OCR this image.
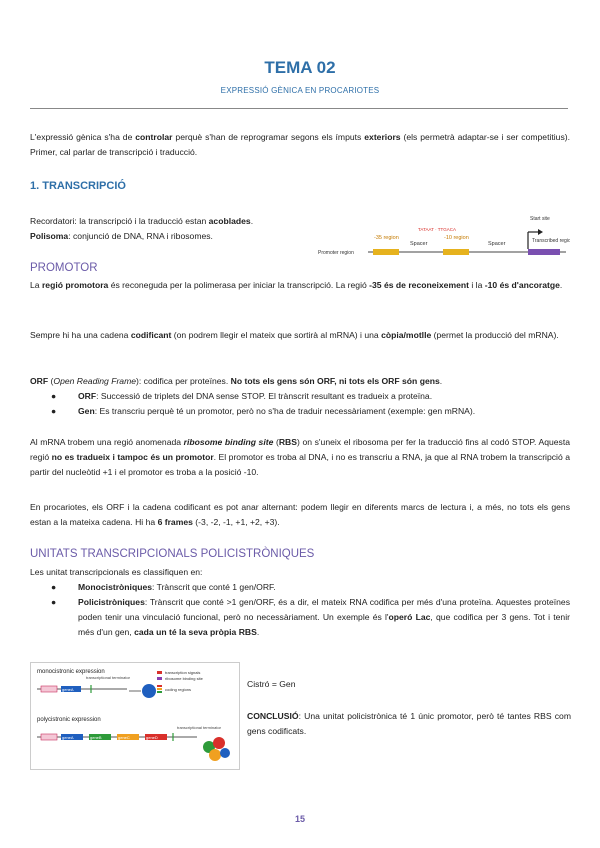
TEMA 02
EXPRESSIÓ GÈNICA EN PROCARIOTES

L'expressió gènica s'ha de controlar perquè s'han de reprogramar segons els ímputs exteriors (els permetrà adaptar-se i ser competitius). Primer, cal parlar de transcripció i traducció.

1. TRANSCRIPCIÓ

Recordatori: la transcripció i la traducció estan acoblades.
Polisoma: conjunció de DNA, RNA i ribosomes.

Start site
-35 region
Spacer
-10 region
Spacer	Transcribed region
Promoter region
TATAAT · TTGACA
PROMOTOR

La regió promotora és reconeguda per la polimerasa per iniciar la transcripció. La regió -35 és de reconeixement i la -10 és d'ancoratge.

Sempre hi ha una cadena codificant (on podrem llegir el mateix que sortirà al mRNA) i una còpia/motlle (permet la producció del mRNA).

ORF (Open Reading Frame): codifica per proteïnes. No tots els gens són ORF, ni tots els ORF són gens.

●	ORF: Successió de triplets del DNA sense STOP. El trànscrit resultant es tradueix a proteïna.
●	Gen: Es transcriu perquè té un promotor, però no s'ha de traduir necessàriament (exemple: gen mRNA).

Al mRNA trobem una regió anomenada ribosome binding site (RBS) on s'uneix el ribosoma per fer la traducció fins al codó STOP. Aquesta regió no es tradueix i tampoc és un promotor. El promotor es troba al DNA, i no es transcriu a RNA, ja que al RNA trobem la transcripció a partir del nucleòtid +1 i el promotor es troba a la posició -10.

En procariotes, els ORF i la cadena codificant es pot anar alternant: podem llegir en diferents marcs de lectura i, a més, no tots els gens estan a la mateixa cadena. Hi ha 6 frames (-3, -2, -1, +1, +2, +3).

UNITATS TRANSCRIPCIONALS POLICISTRÒNIQUES

Les unitat transcripcionals es classifiquen en:

●	Monocistròniques: Trànscrit que conté 1 gen/ORF.
●	Policistròniques: Trànscrit que conté >1 gen/ORF, és a dir, el mateix RNA codifica per més d'una proteïna. Aquestes proteïnes poden tenir una vinculació funcional, però no necessàriament. Un exemple és l'operó Lac, que codifica per 3 gens. Tot i tenir més d'un gen, cada un té la seva pròpia RBS.
monocistronic expression
geneA
transcriptional terminator
transcription signals
ribosome binding site
coding regions
polycistronic expression
geneA	geneB	geneC	geneD
transcriptional terminator

Cistró = Gen

CONCLUSIÓ: Una unitat policistrònica té 1 únic promotor, però té tantes RBS com gens codificats.

15
